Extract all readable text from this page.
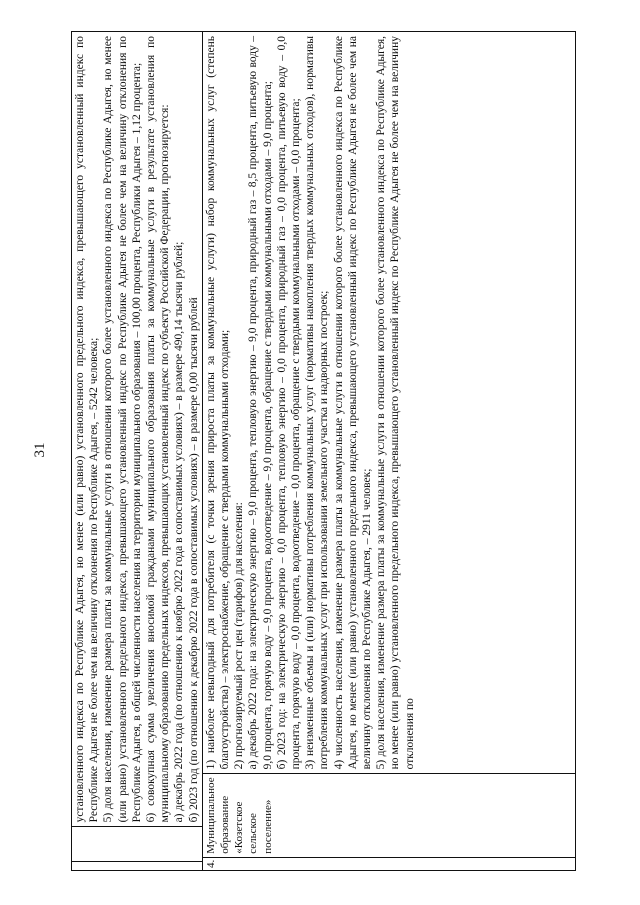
31	установленного индекса по Республике Адыгея, но менее (или равно) установленного предельного индекса, превышающего установленный индекс по Республике Адыгея не более чем на величину отклонения по Республике Адыгея, – 5242 человека; 5) доля населения, изменение размера платы за коммунальные услуги в отношении которого более установленного индекса по Республике Адыгея, но менее (или равно) установленного предельного индекса, превышающего установленный индекс по Республике Адыгея не более чем на величину отклонения по Республике Адыгея, в общей численности населения на территории муниципального образования – 100,00 процента, Республики Адыгея – 1,12 процента; 6) совокупная сумма увеличения вносимой гражданами муниципального образования платы за коммунальные услуги в результате установления по муниципальному образованию предельных индексов, превышающих установленный индекс по субъекту Российской Федерации, прогнозируется: а) декабрь 2022 года (по отношению к ноябрю 2022 года в сопоставимых условиях) – в размере 490,14 тысячи рублей; б) 2023 год (по отношению к декабрю 2022 года в сопоставимых условиях) – в размере 0,00 тысячи рублей

4.
Муниципальное образование «Козетское сельское поселение»

1) наиболее невыгодный для потребителя (с точки зрения прироста платы за коммунальные услуги) набор коммунальных услуг (степень благоустройства) – электроснабжение, обращение с твердыми коммунальными отходами; 2) прогнозируемый рост цен (тарифов) для населения: а) декабрь 2022 года: на электрическую энергию – 9,0 процента, тепловую энергию – 9,0 процента, природный газ – 8,5 процента, питьевую воду – 9,0 процента, горячую воду – 9,0 процента, водоотведение – 9,0 процента, обращение с твердыми коммунальными отходами – 9,0 процента; б) 2023 год: на электрическую энергию – 0,0 процента, тепловую энергию – 0,0 процента, природный газ – 0,0 процента, питьевую воду – 0,0 процента, горячую воду – 0,0 процента, водоотведение – 0,0 процента, обращение с твердыми коммунальными отходами – 0,0 процента; 3) неизменные объемы и (или) нормативы потребления коммунальных услуг (нормативы накопления твердых коммунальных отходов), нормативы потребления коммунальных услуг при использовании земельного участка и надворных построек; 4) численность населения, изменение размера платы за коммунальные услуги в отношении которого более установленного индекса по Республике Адыгея, но менее (или равно) установленного предельного индекса, превышающего установленный индекс по Республике Адыгея не более чем на величину отклонения по Республике Адыгея, – 2911 человек; 5) доля населения, изменение размера платы за коммунальные услуги в отношении которого более установленного индекса по Республике Адыгея, но менее (или равно) установленного предельного индекса, превышающего установленный индекс по Республике Адыгея не более чем на величину отклонения по
